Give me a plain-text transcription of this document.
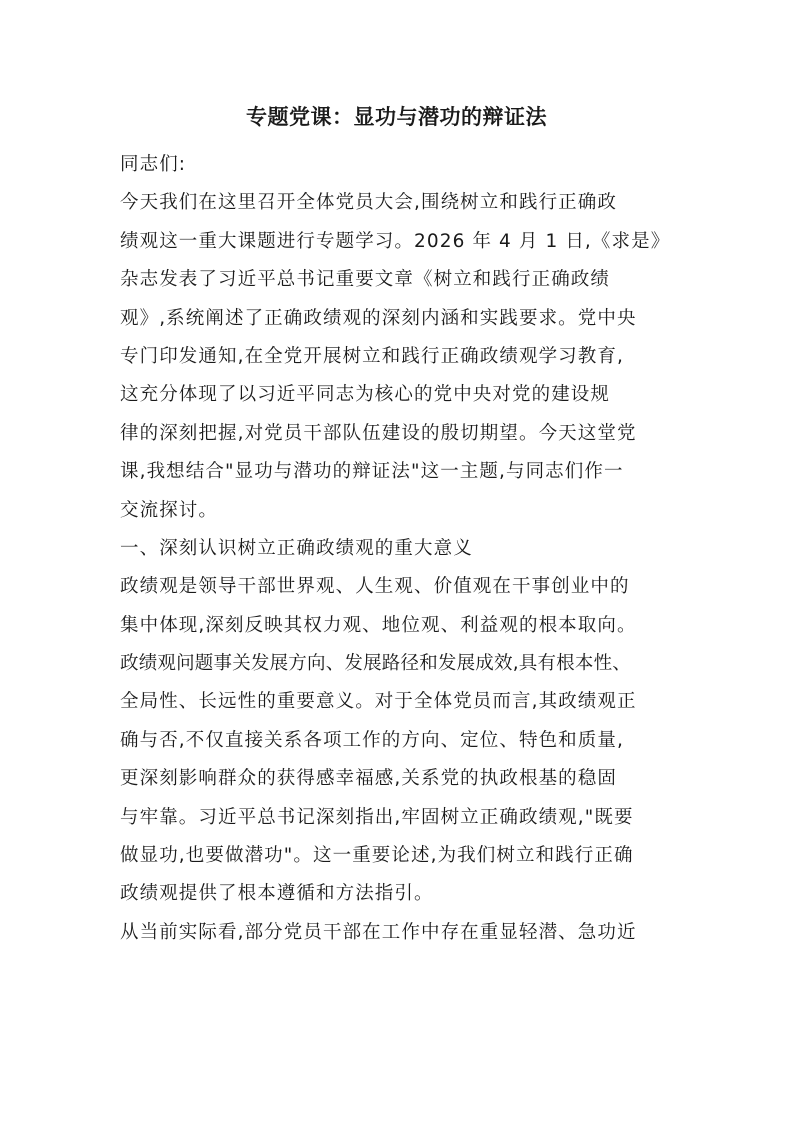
专题党课：显功与潜功的辩证法
同志们:
今天我们在这里召开全体党员大会,围绕树立和践行正确政
绩观这一重大课题进行专题学习。2026 年 4 月 1 日,《求是》
杂志发表了习近平总书记重要文章《树立和践行正确政绩
观》,系统阐述了正确政绩观的深刻内涵和实践要求。党中央
专门印发通知,在全党开展树立和践行正确政绩观学习教育,
这充分体现了以习近平同志为核心的党中央对党的建设规
律的深刻把握,对党员干部队伍建设的殷切期望。今天这堂党
课,我想结合"显功与潜功的辩证法"这一主题,与同志们作一
交流探讨。
一、深刻认识树立正确政绩观的重大意义
政绩观是领导干部世界观、人生观、价值观在干事创业中的
集中体现,深刻反映其权力观、地位观、利益观的根本取向。
政绩观问题事关发展方向、发展路径和发展成效,具有根本性、
全局性、长远性的重要意义。对于全体党员而言,其政绩观正
确与否,不仅直接关系各项工作的方向、定位、特色和质量,
更深刻影响群众的获得感幸福感,关系党的执政根基的稳固
与牢靠。习近平总书记深刻指出,牢固树立正确政绩观,"既要
做显功,也要做潜功"。这一重要论述,为我们树立和践行正确
政绩观提供了根本遵循和方法指引。
从当前实际看,部分党员干部在工作中存在重显轻潜、急功近
